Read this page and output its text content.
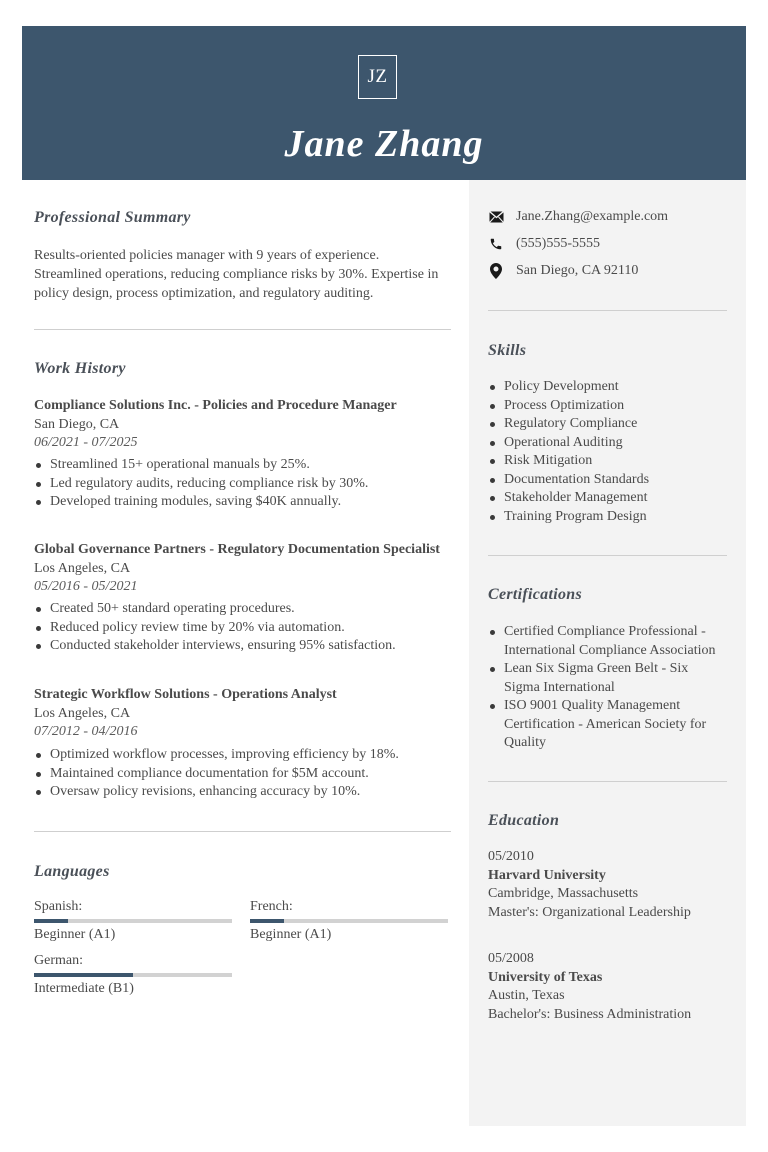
JZ
Jane Zhang
Professional Summary
Results-oriented policies manager with 9 years of experience. Streamlined operations, reducing compliance risks by 30%. Expertise in policy design, process optimization, and regulatory auditing.
Work History
Compliance Solutions Inc. - Policies and Procedure Manager
San Diego, CA
06/2021 - 07/2025
Streamlined 15+ operational manuals by 25%.
Led regulatory audits, reducing compliance risk by 30%.
Developed training modules, saving $40K annually.
Global Governance Partners - Regulatory Documentation Specialist
Los Angeles, CA
05/2016 - 05/2021
Created 50+ standard operating procedures.
Reduced policy review time by 20% via automation.
Conducted stakeholder interviews, ensuring 95% satisfaction.
Strategic Workflow Solutions - Operations Analyst
Los Angeles, CA
07/2012 - 04/2016
Optimized workflow processes, improving efficiency by 18%.
Maintained compliance documentation for $5M account.
Oversaw policy revisions, enhancing accuracy by 10%.
Languages
Spanish:
Beginner (A1)
French:
Beginner (A1)
German:
Intermediate (B1)
Jane.Zhang@example.com
(555)555-5555
San Diego, CA 92110
Skills
Policy Development
Process Optimization
Regulatory Compliance
Operational Auditing
Risk Mitigation
Documentation Standards
Stakeholder Management
Training Program Design
Certifications
Certified Compliance Professional - International Compliance Association
Lean Six Sigma Green Belt - Six Sigma International
ISO 9001 Quality Management Certification - American Society for Quality
Education
05/2010
Harvard University
Cambridge, Massachusetts
Master's: Organizational Leadership
05/2008
University of Texas
Austin, Texas
Bachelor's: Business Administration
